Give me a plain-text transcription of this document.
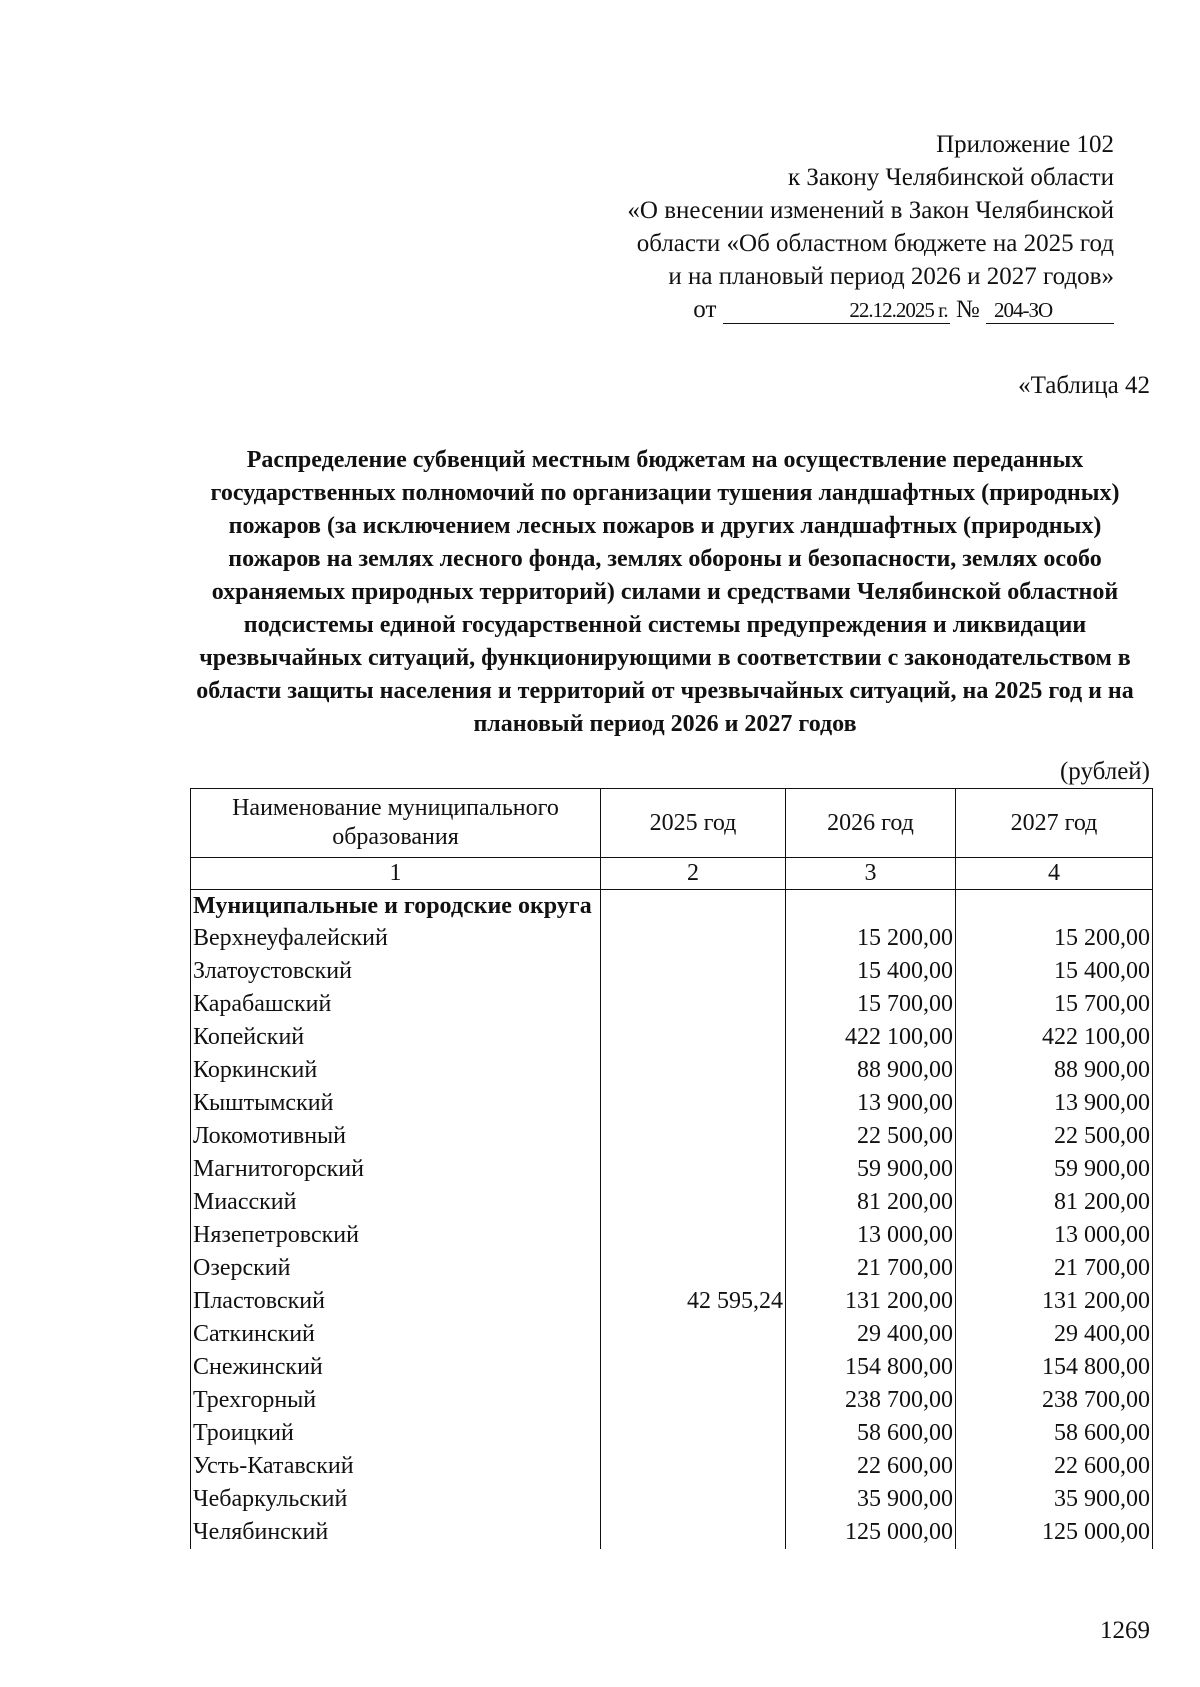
Приложение 102
к Закону Челябинской области
«О внесении изменений в Закон Челябинской
области «Об областном бюджете на 2025 год
и на плановый период 2026 и 2027 годов»
от	22.12.2025 г. № 204-ЗО
«Таблица 42
Распределение субвенций местным бюджетам на осуществление переданных государственных полномочий по организации тушения ландшафтных (природных) пожаров (за исключением лесных пожаров и других ландшафтных (природных) пожаров на землях лесного фонда, землях обороны и безопасности, землях особо охраняемых природных территорий) силами и средствами Челябинской областной подсистемы единой государственной системы предупреждения и ликвидации чрезвычайных ситуаций, функционирующими в соответствии с законодательством в области защиты населения и территорий от чрезвычайных ситуаций, на 2025 год и на плановый период 2026 и 2027 годов
(рублей)
Наименование муниципального образования	2025 год	2026 год	2027 год
1	2	3	4
Муниципальные и городские округа			
Верхнеуфалейский		15 200,00	15 200,00
Златоустовский		15 400,00	15 400,00
Карабашский		15 700,00	15 700,00
Копейский		422 100,00	422 100,00
Коркинский		88 900,00	88 900,00
Кыштымский		13 900,00	13 900,00
Локомотивный		22 500,00	22 500,00
Магнитогорский		59 900,00	59 900,00
Миасский		81 200,00	81 200,00
Нязепетровский		13 000,00	13 000,00
Озерский		21 700,00	21 700,00
Пластовский	42 595,24	131 200,00	131 200,00
Саткинский		29 400,00	29 400,00
Снежинский		154 800,00	154 800,00
Трехгорный		238 700,00	238 700,00
Троицкий		58 600,00	58 600,00
Усть-Катавский		22 600,00	22 600,00
Чебаркульский		35 900,00	35 900,00
Челябинский		125 000,00	125 000,00
1269
